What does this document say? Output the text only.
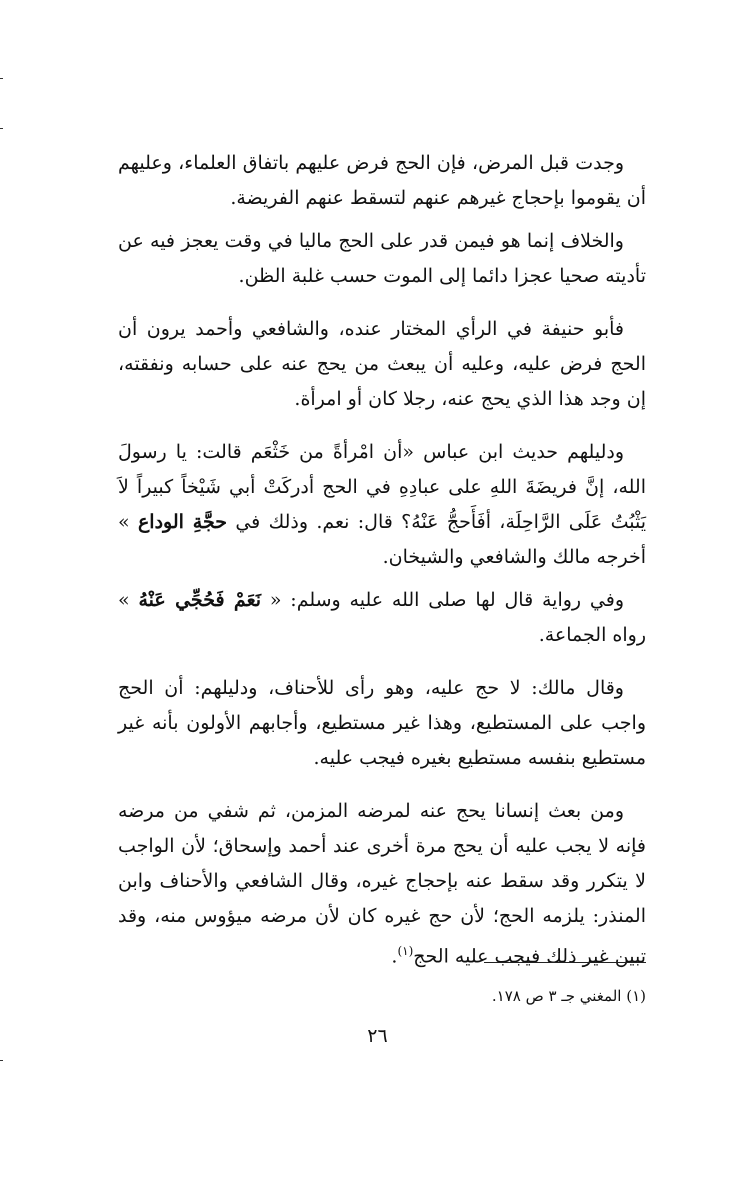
وجدت قبل المرض، فإن الحج فرض عليهم باتفاق العلماء، وعليهم أن يقوموا بإحجاج غيرهم عنهم لتسقط عنهم الفريضة.

والخلاف إنما هو فيمن قدر على الحج ماليا في وقت يعجز فيه عن تأديته صحيا عجزا دائما إلى الموت حسب غلبة الظن.

فأبو حنيفة في الرأي المختار عنده، والشافعي وأحمد يرون أن الحج فرض عليه، وعليه أن يبعث من يحج عنه على حسابه ونفقته، إن وجد هذا الذي يحج عنه، رجلا كان أو امرأة.

ودليلهم حديث ابن عباس «أن امْرأةً من خَثْعَم قالت: يا رسولَ الله، إنَّ فريضَةَ اللهِ على عبادِهِ في الحج أدركَتْ أبي شَيْخاً كبيراً لاَ يَثْبُتُ عَلَى الرَّاحِلَة، أفَأَحجُّ عَنْهُ؟ قال: نعم. وذلك في حجَّةِ الوداع » أخرجه مالك والشافعي والشيخان.

وفي رواية قال لها صلى الله عليه وسلم: « نَعَمْ فَحُجِّي عَنْهُ » رواه الجماعة.

وقال مالك: لا حج عليه، وهو رأى للأحناف، ودليلهم: أن الحج واجب على المستطيع، وهذا غير مستطيع، وأجابهم الأولون بأنه غير مستطيع بنفسه مستطيع بغيره فيجب عليه.

ومن بعث إنسانا يحج عنه لمرضه المزمن، ثم شفي من مرضه فإنه لا يجب عليه أن يحج مرة أخرى عند أحمد وإسحاق؛ لأن الواجب لا يتكرر وقد سقط عنه بإحجاج غيره، وقال الشافعي والأحناف وابن المنذر: يلزمه الحج؛ لأن حج غيره كان لأن مرضه ميؤوس منه، وقد تبين غير ذلك فيجب عليه الحج$^{(١)}$.

(١) المغني جـ ٣ ص ١٧٨.
٢٦
